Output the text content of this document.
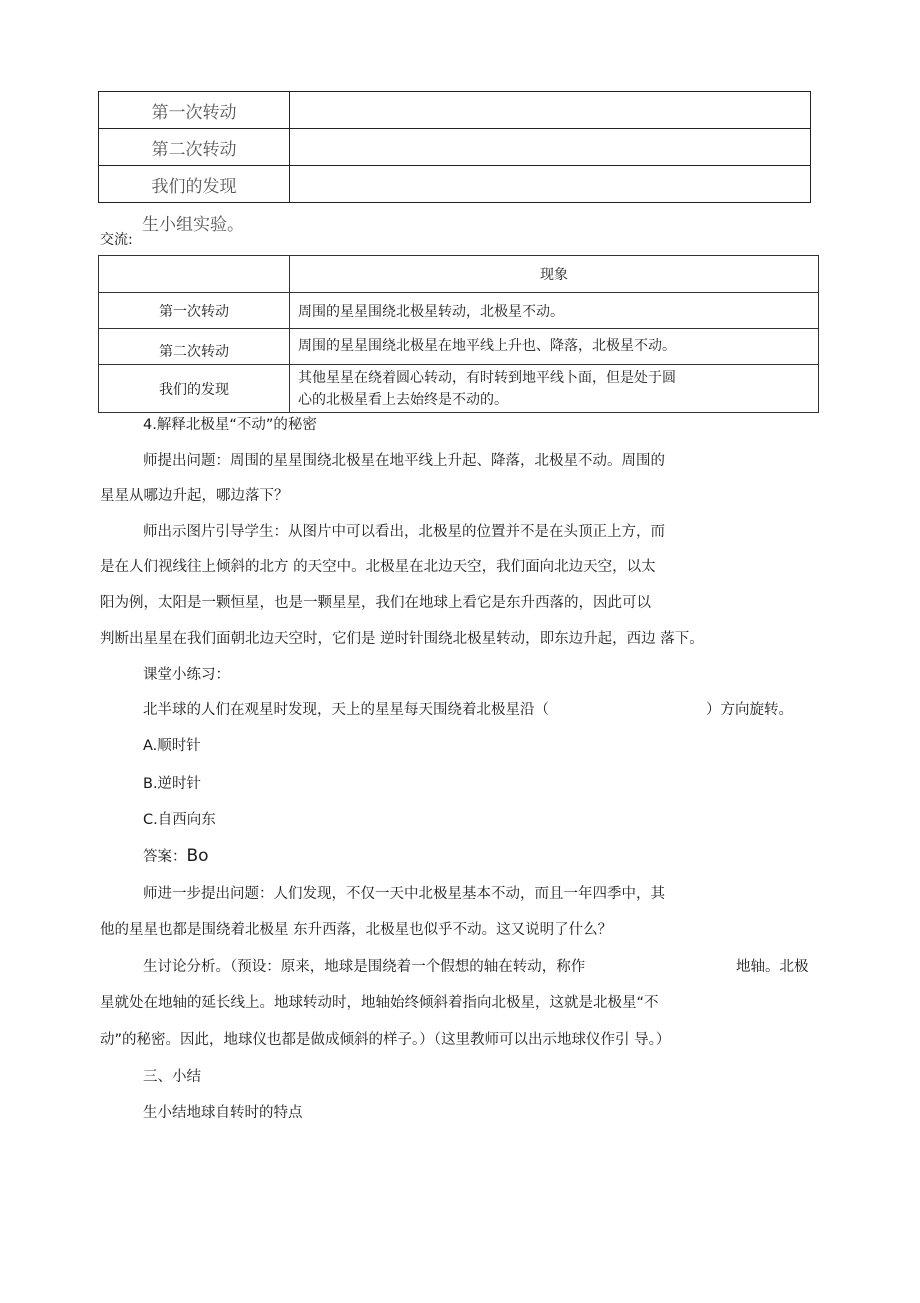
第一次转动	
第二次转动	
我们的发现	
生小组实验。
交流:
	现象
第一次转动	周围的星星围绕北极星转动，北极星不动。
第二次转动	周围的星星围绕北极星在地平线上升也、降落，北极星不动。
我们的发现	其他星星在绕着圆心转动，有时转到地平线卜面，但是处于圆
心的北极星看上去始终是不动的。
4.解释北极星“不动”的秘密
师提出问题：周围的星星围绕北极星在地平线上升起、降落，北极星不动。周围的
星星从哪边升起，哪边落下？
师出示图片引导学生：从图片中可以看出，北极星的位置并不是在头顶正上方，而
是在人们视线往上倾斜的北方 的天空中。北极星在北边天空，我们面向北边天空，以太
阳为例，太阳是一颗恒星，也是一颗星星，我们在地球上看它是东升西落的，因此可以
判断出星星在我们面朝北边天空时，它们是 逆时针围绕北极星转动，即东边升起，西边 落下。
课堂小练习：
北半球的人们在观星时发现，天上的星星每天围绕着北极星沿（	）方向旋转。
A.顺时针
B.逆时针
C.自西向东
答案：Bo
师进一步提出问题：人们发现，不仅一天中北极星基本不动，而且一年四季中，其
他的星星也都是围绕着北极星 东升西落，北极星也似乎不动。这又说明了什么？
生讨论分析。（预设：原来，地球是围绕着一个假想的轴在转动，称作	地轴。北极
星就处在地轴的延长线上。地球转动时，地轴始终倾斜着指向北极星，这就是北极星“不
动”的秘密。因此，地球仪也都是做成倾斜的样子。）（这里教师可以出示地球仪作引 导。）
三、小结
生小结地球自转时的特点
